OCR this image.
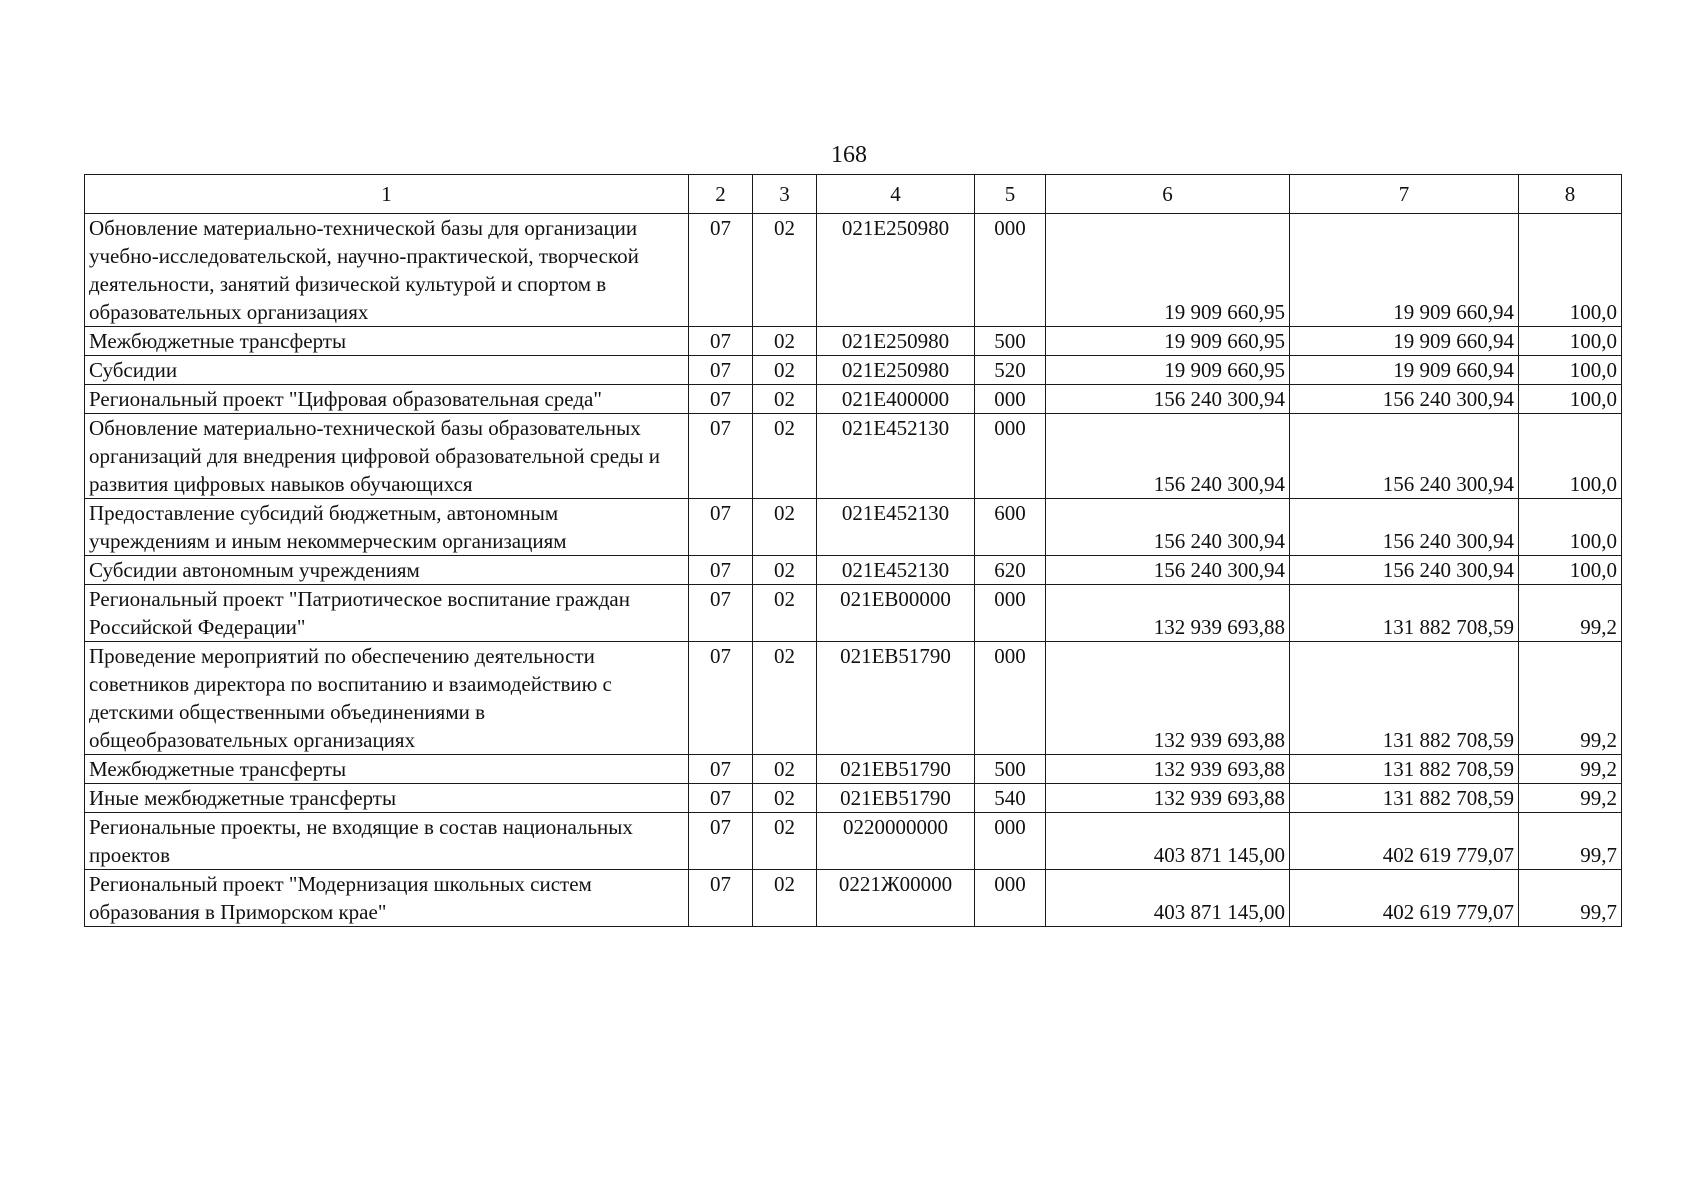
168
1	2	3	4	5	6	7	8
Обновление материально-технической базы для организации учебно-исследовательской, научно-практической, творческой деятельности, занятий физической культурой и спортом в образовательных организациях	07	02	021E250980	000	19 909 660,95	19 909 660,94	100,0
Межбюджетные трансферты	07	02	021E250980	500	19 909 660,95	19 909 660,94	100,0
Субсидии	07	02	021E250980	520	19 909 660,95	19 909 660,94	100,0
Региональный проект "Цифровая образовательная среда"	07	02	021E400000	000	156 240 300,94	156 240 300,94	100,0
Обновление материально-технической базы образовательных организаций для внедрения цифровой образовательной среды и развития цифровых навыков обучающихся	07	02	021E452130	000	156 240 300,94	156 240 300,94	100,0
Предоставление субсидий бюджетным, автономным учреждениям и иным некоммерческим организациям	07	02	021E452130	600	156 240 300,94	156 240 300,94	100,0
Субсидии автономным учреждениям	07	02	021E452130	620	156 240 300,94	156 240 300,94	100,0
Региональный проект "Патриотическое воспитание граждан Российской Федерации"	07	02	021EB00000	000	132 939 693,88	131 882 708,59	99,2
Проведение мероприятий по обеспечению деятельности советников директора по воспитанию и взаимодействию с детскими общественными объединениями в общеобразовательных организациях	07	02	021EB51790	000	132 939 693,88	131 882 708,59	99,2
Межбюджетные трансферты	07	02	021EB51790	500	132 939 693,88	131 882 708,59	99,2
Иные межбюджетные трансферты	07	02	021EB51790	540	132 939 693,88	131 882 708,59	99,2
Региональные проекты, не входящие в состав национальных проектов	07	02	0220000000	000	403 871 145,00	402 619 779,07	99,7
Региональный проект "Модернизация школьных систем образования в Приморском крае"	07	02	0221Ж00000	000	403 871 145,00	402 619 779,07	99,7
